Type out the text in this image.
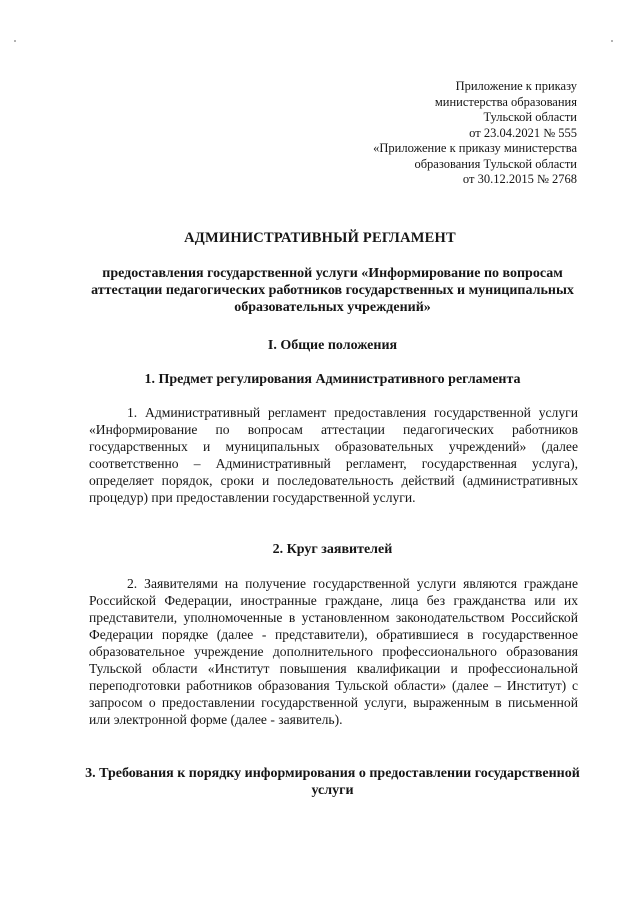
Приложение к приказу
министерства образования
Тульской области
от 23.04.2021 № 555
«Приложение к приказу министерства
образования Тульской области
от 30.12.2015 № 2768
АДМИНИСТРАТИВНЫЙ РЕГЛАМЕНТ
предоставления государственной услуги «Информирование по вопросам аттестации педагогических работников государственных и муниципальных образовательных учреждений»
I. Общие положения
1. Предмет регулирования Административного регламента
1. Административный регламент предоставления государственной услуги «Информирование по вопросам аттестации педагогических работников государственных и муниципальных образовательных учреждений» (далее соответственно – Административный регламент, государственная услуга), определяет порядок, сроки и последовательность действий (административных процедур) при предоставлении государственной услуги.
2. Круг заявителей
2. Заявителями на получение государственной услуги являются граждане Российской Федерации, иностранные граждане, лица без гражданства или их представители, уполномоченные в установленном законодательством Российской Федерации порядке (далее - представители), обратившиеся в государственное образовательное учреждение дополнительного профессионального образования Тульской области «Институт повышения квалификации и профессиональной переподготовки работников образования Тульской области» (далее – Институт) с запросом о предоставлении государственной услуги, выраженным в письменной или электронной форме (далее - заявитель).
3. Требования к порядку информирования о предоставлении государственной услуги
